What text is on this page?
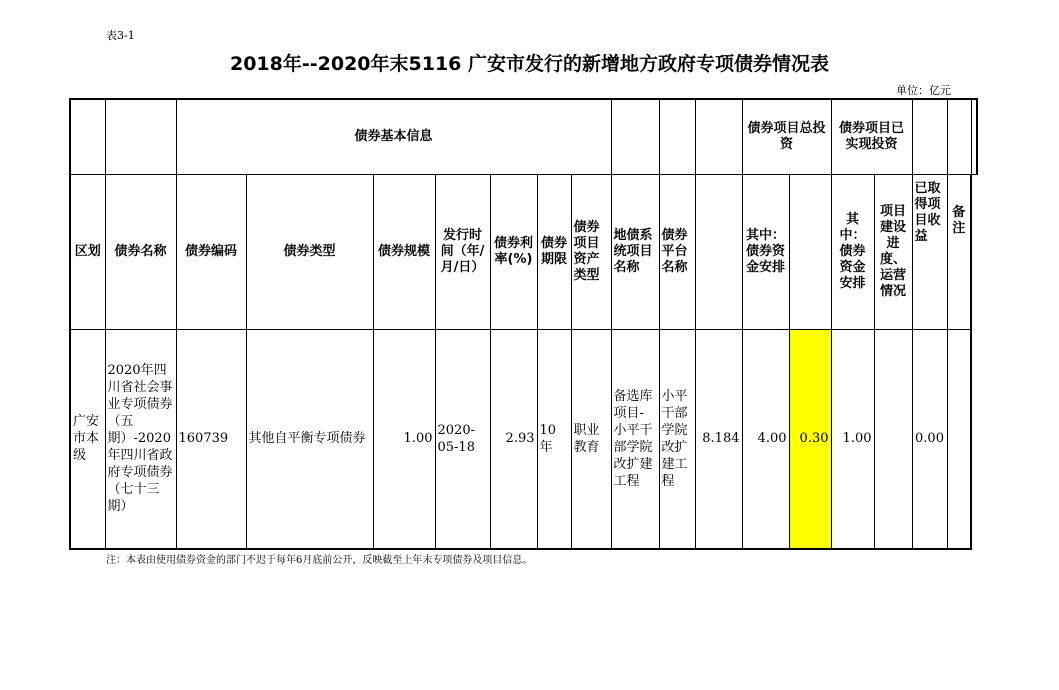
表3-1
2018年--2020年末5116 广安市发行的新增地方政府专项债券情况表
单位：亿元
		债券基本信息										债券项目总投资		债券项目已实现投资				
区划	债券名称	债券编码	债券类型	债券规模	发行时间（年/月/日）	债券利率(%)	债券期限	债券项目资产类型	地债系统项目名称	债券平台名称		其中：债券资金安排		其中：债券资金安排	项目建设进度、运营情况	已取得项目收益	备注	
广安市本级	2020年四川省社会事业专项债券（五期）-2020年四川省政府专项债券（七十三期）	160739	其他自平衡专项债券	1.00	2020-05-18	2.93	10年	职业教育	备选库项目-小平干部学院改扩建工程	小平干部学院改扩建工程	8.184	4.00	0.30	1.00		0.00		
注：本表由使用债券资金的部门不迟于每年6月底前公开，反映截至上年末专项债券及项目信息。
